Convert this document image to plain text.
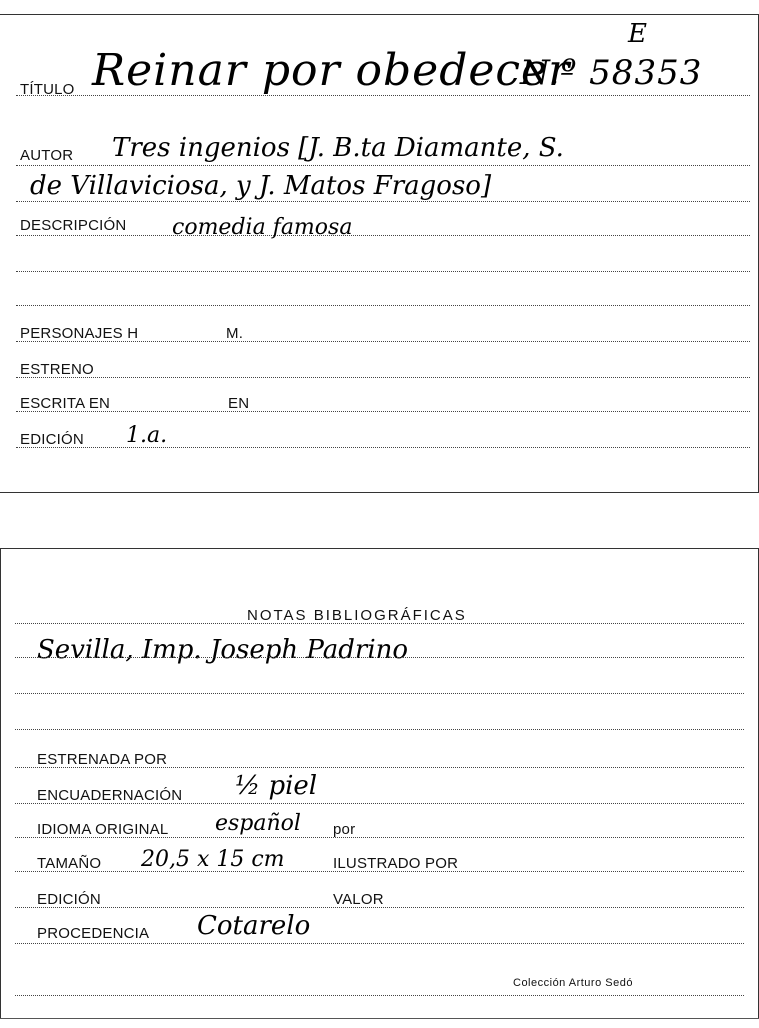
E
TÍTULO Reinar por obedecer
N.º 58353
AUTOR Tres ingenios [J. B.ta Diamante, S.
de Villaviciosa, y J. Matos Fragoso]
DESCRIPCIÓN comedia famosa
PERSONAJES H	M.
ESTRENO
ESCRITA EN	EN
EDICIÓN 1.a.
NOTAS BIBLIOGRÁFICAS
Sevilla, Imp. Joseph Padrino
ESTRENADA POR
ENCUADERNACIÓN ½ piel
IDIOMA ORIGINAL español por
TAMAÑO 20,5 x 15 cm	ILUSTRADO POR
EDICIÓN	VALOR
PROCEDENCIA Cotarelo
Colección Arturo Sedó
